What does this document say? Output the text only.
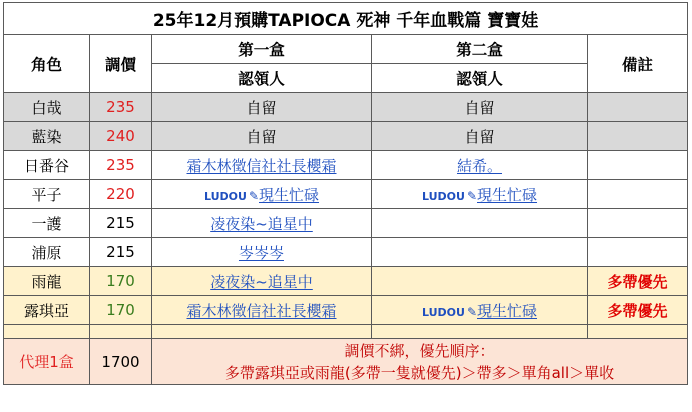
25年12月預購TAPIOCA 死神 千年血戰篇 寶寶娃				
角色	調價	第一盒	第二盒	備註
		認領人	認領人	
白哉	235	自留	自留	
藍染	240	自留	自留	
日番谷	235	霜木林徵信社社長櫻霜	結希。	
平子	220	LUDOU ✎現生忙碌	LUDOU ✎現生忙碌	
一護	215	凌夜染~追星中		
浦原	215	岑岑岑		
雨龍	170	凌夜染~追星中		多帶優先
露琪亞	170	霜木林徵信社社長櫻霜	LUDOU ✎現生忙碌	多帶優先

代理1盒	1700	調價不綁，優先順序：
多帶露琪亞或雨龍(多帶一隻就優先)＞帶多＞單角all＞單收		
